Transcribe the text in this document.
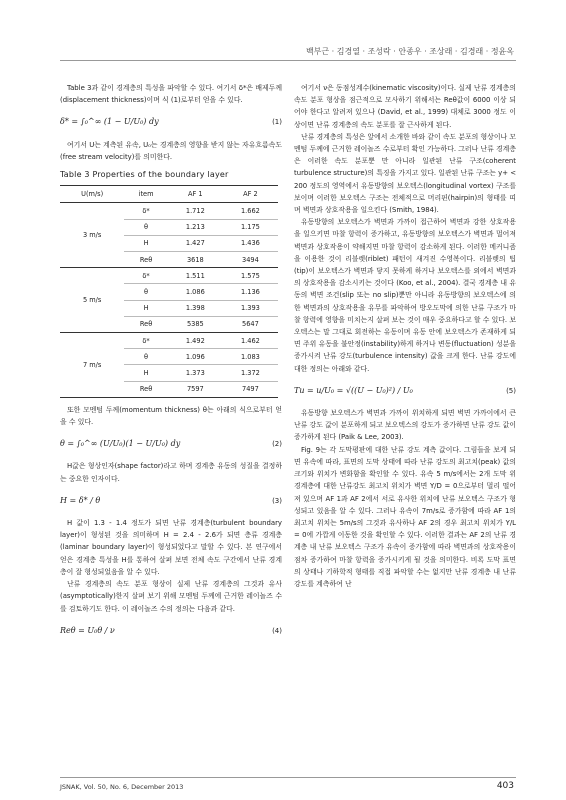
백부근 · 김경열 · 조성락 · 안종우 · 조상래 · 김경래 · 정윤옥

Table 3과 같이 경계층의 특성을 파악할 수 있다. 여기서 δ*은 배제두께(displacement thickness)이며 식 (1)로부터 얻을 수 있다.

δ* = ∫₀^∞ (1 − U/U₀) dy	(1)

여기서 U는 계측된 유속, U₀는 경계층의 영향을 받지 않는 자유흐름속도(free stream velocity)를 의미한다.

Table 3 Properties of the boundary layer
U(m/s)	item	AF 1	AF 2
3 m/s	δ*	1.712	1.662
	θ	1.213	1.175
	H	1.427	1.436
	Reθ	3618	3494
5 m/s	δ*	1.511	1.575
	θ	1.086	1.136
	H	1.398	1.393
	Reθ	5385	5647
7 m/s	δ*	1.492	1.462
	θ	1.096	1.083
	H	1.373	1.372
	Reθ	7597	7497

또한 모멘텀 두께(momentum thickness) θ는 아래의 식으로부터 얻을 수 있다.

θ = ∫₀^∞ (U/U₀)(1 − U/U₀) dy	(2)

H값은 형상인자(shape factor)라고 하며 경계층 유동의 성질을 결정하는 중요한 인자이다.

H = δ* / θ	(3)

H 값이 1.3 - 1.4 정도가 되면 난류 경계층(turbulent boundary layer)이 형성된 것을 의미하며 H = 2.4 - 2.6가 되면 층류 경계층(laminar boundary layer)이 형성되었다고 말할 수 있다. 본 연구에서 얻은 경계층 특성을 H를 통하여 살펴 보면 전체 속도 구간에서 난류 경계층이 잘 형성되었음을 알 수 있다.

난류 경계층의 속도 분포 형상이 실제 난류 경계층의 그것과 유사(asymptotically)한지 살펴 보기 위해 모멘텀 두께에 근거한 레이놀즈 수를 검토하기도 한다. 이 레이놀즈 수의 정의는 다음과 같다.

Reθ = U₀θ / ν	(4)

여기서 ν은 동점성계수(kinematic viscosity)이다. 실제 난류 경계층의 속도 분포 형상을 점근적으로 모사하기 위해서는 Reθ값이 6000 이상 되어야 한다고 알려져 있으나 (David, et al., 1999) 대체로 3000 정도 이상이면 난류 경계층의 속도 분포를 잘 근사하게 된다.

난류 경계층의 특성은 앞에서 소개한 바와 같이 속도 분포의 형상이나 모멘텀 두께에 근거한 레이놀즈 수로부터 확인 가능하다. 그러나 난류 경계층은 이러한 속도 분포뿐 만 아니라 일관된 난류 구조(coherent turbulence structure)의 특징을 가지고 있다. 일관된 난류 구조는 y+ < 200 정도의 영역에서 유동방향의 보오텍스(longitudinal vortex) 구조를 보이며 이러한 보오텍스 구조는 전체적으로 머리핀(hairpin)의 형태를 띠며 벽면과 상호작용을 일으킨다 (Smith, 1984).

유동방향의 보오텍스가 벽면과 가까이 접근하여 벽면과 강한 상호작용을 일으키면 마찰 항력이 증가하고, 유동방향의 보오텍스가 벽면과 멀어져 벽면과 상호작용이 약해지면 마찰 항력이 감소하게 된다. 이러한 메커니즘을 이용한 것이 리블렛(riblet) 패턴이 새겨진 수영복이다. 리블렛의 팁(tip)이 보오텍스가 벽면과 닿지 못하게 하거나 보오텍스를 외에서 벽면과의 상호작용을 감소시키는 것이다 (Koo, et al., 2004). 결국 경계층 내 유동의 벽면 조건(slip 또는 no slip)뿐만 아니라 유동방향의 보오텍스에 의한 벽면과의 상호작용을 유무를 파악하여 방오도막에 의한 난류 구조가 마찰 항력에 영향을 미치는지 살펴 보는 것이 매우 중요하다고 할 수 있다. 보오텍스는 말 그대로 회전하는 유동이며 유동 안에 보오텍스가 존재하게 되면 주위 유동을 불안정(instability)하게 하거나 변동(fluctuation) 성분을 증가시켜 난류 강도(turbulence intensity) 값을 크게 한다. 난류 강도에 대한 정의는 아래와 같다.

Tu = u/U₀ = √((U − U₀)²) / U₀	(5)

유동방향 보오텍스가 벽면과 가까이 위치하게 되면 벽면 가까이에서 큰 난류 강도 값이 분포하게 되고 보오텍스의 강도가 증가하면 난류 강도 값이 증가하게 된다 (Paik & Lee, 2003).

Fig. 9는 각 도막평판에 대한 난류 강도 계측 값이다. 그림들을 보게 되면 유속에 따라, 표면의 도막 상태에 따라 난류 강도의 최고치(peak) 값의 크기와 위치가 변화함을 확인할 수 있다. 유속 5 m/s에서는 2개 도막 위 경계층에 대한 난류강도 최고치 위치가 벽면 Y/D = 0으로부터 멀리 떨어져 있으며 AF 1과 AF 2에서 서로 유사한 위치에 난류 보오텍스 구조가 형성되고 있음을 알 수 있다. 그러나 유속이 7m/s로 증가함에 따라 AF 1의 최고치 위치는 5m/s의 그것과 유사하나 AF 2의 경우 최고치 위치가 Y/L = 0에 가깝게 이동한 것을 확인할 수 있다. 이러한 결과는 AF 2의 난류 경계층 내 난류 보오텍스 구조가 유속이 증가함에 따라 벽면과의 상호작용이 점차 증가하여 마찰 항력을 증가시키게 될 것을 의미한다. 비록 도막 표면의 상태나 기하학적 형태를 직접 파악할 수는 없지만 난류 경계층 내 난류 강도를 계측하여 난

JSNAK, Vol. 50, No. 6, December 2013	403
